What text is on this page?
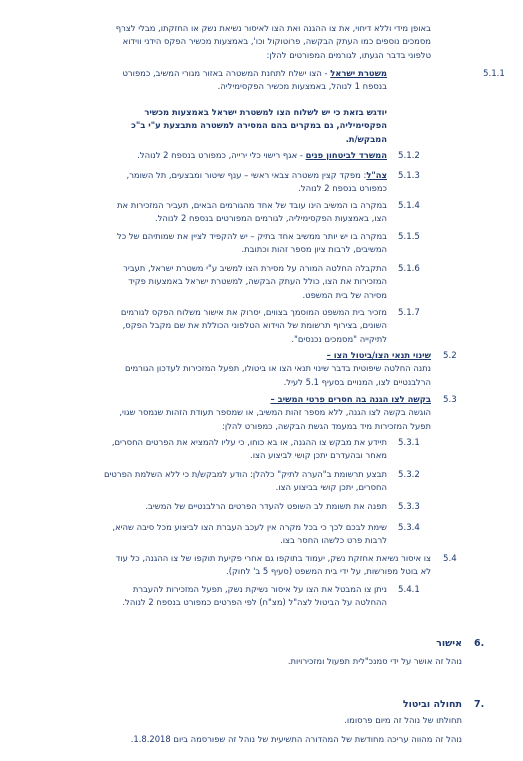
באופן מידי וללא דיחוי, את צו ההגנה ואת הצו לאיסור נשיאת נשק או החזקתו, מבלי לצרף
מסמכים נוספים כמו העתק הבקשה, פרוטוקול וכו', באמצעות מכשיר הפקס הידני ווידוא
טלפוני בדבר הגעתו, לגורמים המפורטים להלן:
5.1.1
משטרת ישראל - הצו ישלח לתחנת המשטרה באזור מגורי המשיב, כמפורט
בנספח 1 לנוהל, באמצעות מכשיר הפקסימיליה.
יודגש בזאת כי יש לשלוח הצו למשטרת ישראל באמצעות מכשיר
הפקסימיליה, גם במקרים בהם המסירה למשטרה מתבצעת ע"י ב"כ
המבקש/ת.
5.1.2
המשרד לביטחון פנים - אגף רישוי כלי ירייה, כמפורט בנספח 2 לנוהל.
5.1.3
צה"ל: מפקד קצין משטרה צבאי ראשי – ענף שיטור ומבצעים, תל השומר,
כמפורט בנספח 2 לנוהל.
5.1.4
במקרה בו המשיב הינו עובד של אחד מהגורמים הבאים, תעביר המזכירות את
הצו, באמצעות הפקסימיליה, לגורמים המפורטים בנספח 2 לנוהל.
5.1.5
במקרה בו יש יותר ממשיב אחד בתיק – יש להקפיד לציין את שמותיהם של כל
המשיבים, לרבות ציון מספר זהות וכתובת.
5.1.6
התקבלה החלטה המורה על מסירת הצו למשיב ע"י משטרת ישראל, תעביר
המזכירות את הצו, כולל העתק הבקשה, למשטרת ישראל באמצעות פקיד
מסירה של בית המשפט.
5.1.7
מזכיר בית המשפט המוסמך בצווים, יסרוק את אישור משלוח הפקס לגורמים
השונים, בצירוף תרשומת של הוידוא הטלפוני הכוללת את שם מקבל הפקס,
לתיקייה "מסמכים נכנסים".
5.2
שינוי תנאי הצו/ביטול הצו –
נתנה החלטה שיפוטית בדבר שינוי תנאי הצו או ביטולו, תפעל המזכירות לעדכון הגורמים
הרלבנטיים לצו, המנויים בסעיף 5.1 לעיל.
5.3
בקשה לצו הגנה בה חסרים פרטי המשיב –
הוגשה בקשה לצו הגנה, ללא מספר זהות המשיב, או שמספר תעודת הזהות שנמסר שגוי,
תפעל המזכירות מיד במעמד הגשת הבקשה, כמפורט להלן:
5.3.1
תיידע את מבקש צו ההגנה, או בא כוחו, כי עליו להמציא את הפרטים החסרים,
מאחר ובהעדרם יתכן קושי לביצוע הצו.
5.3.2
תבצע תרשומת ב"הערה לתיק" כלהלן: הודע למבקש/ת כי ללא השלמת הפרטים
החסרים, יתכן קושי בביצוע הצו.
5.3.3
תפנה את תשומת לב השופט להעדר הפרטים הרלבנטיים של המשיב.
5.3.4
שימת לבכם לכך כי בכל מקרה אין לעכב העברת הצו לביצוע מכל סיבה שהיא,
לרבות פרט כלשהו החסר בצו.
5.4
צו איסור נשיאת אחזקת נשק, יעמוד בתוקפו גם אחרי פקיעת תוקפו של צו ההגנה, כל עוד
לא בוטל מפורשות, על ידי בית המשפט (סעיף 5 ב' לחוק).
5.4.1
ניתן צו המבטל את הצו על איסור נשיקת נשק, תפעל המזכירות להעברת
ההחלטה על הביטול לצה"ל (מצ"ח) לפי הפרטים כמפורט בנספח 2 לנוהל.
6.
אישור
נוהל זה אושר על ידי סמנכ"לית תפעול ומזכירויות.
7.
תחולה וביטול
תחולתו של נוהל זה מיום פרסומו.
נוהל זה מהווה עריכה מחודשת של המהדורה התשיעית של נוהל זה שפורסמה ביום 1.8.2018.
